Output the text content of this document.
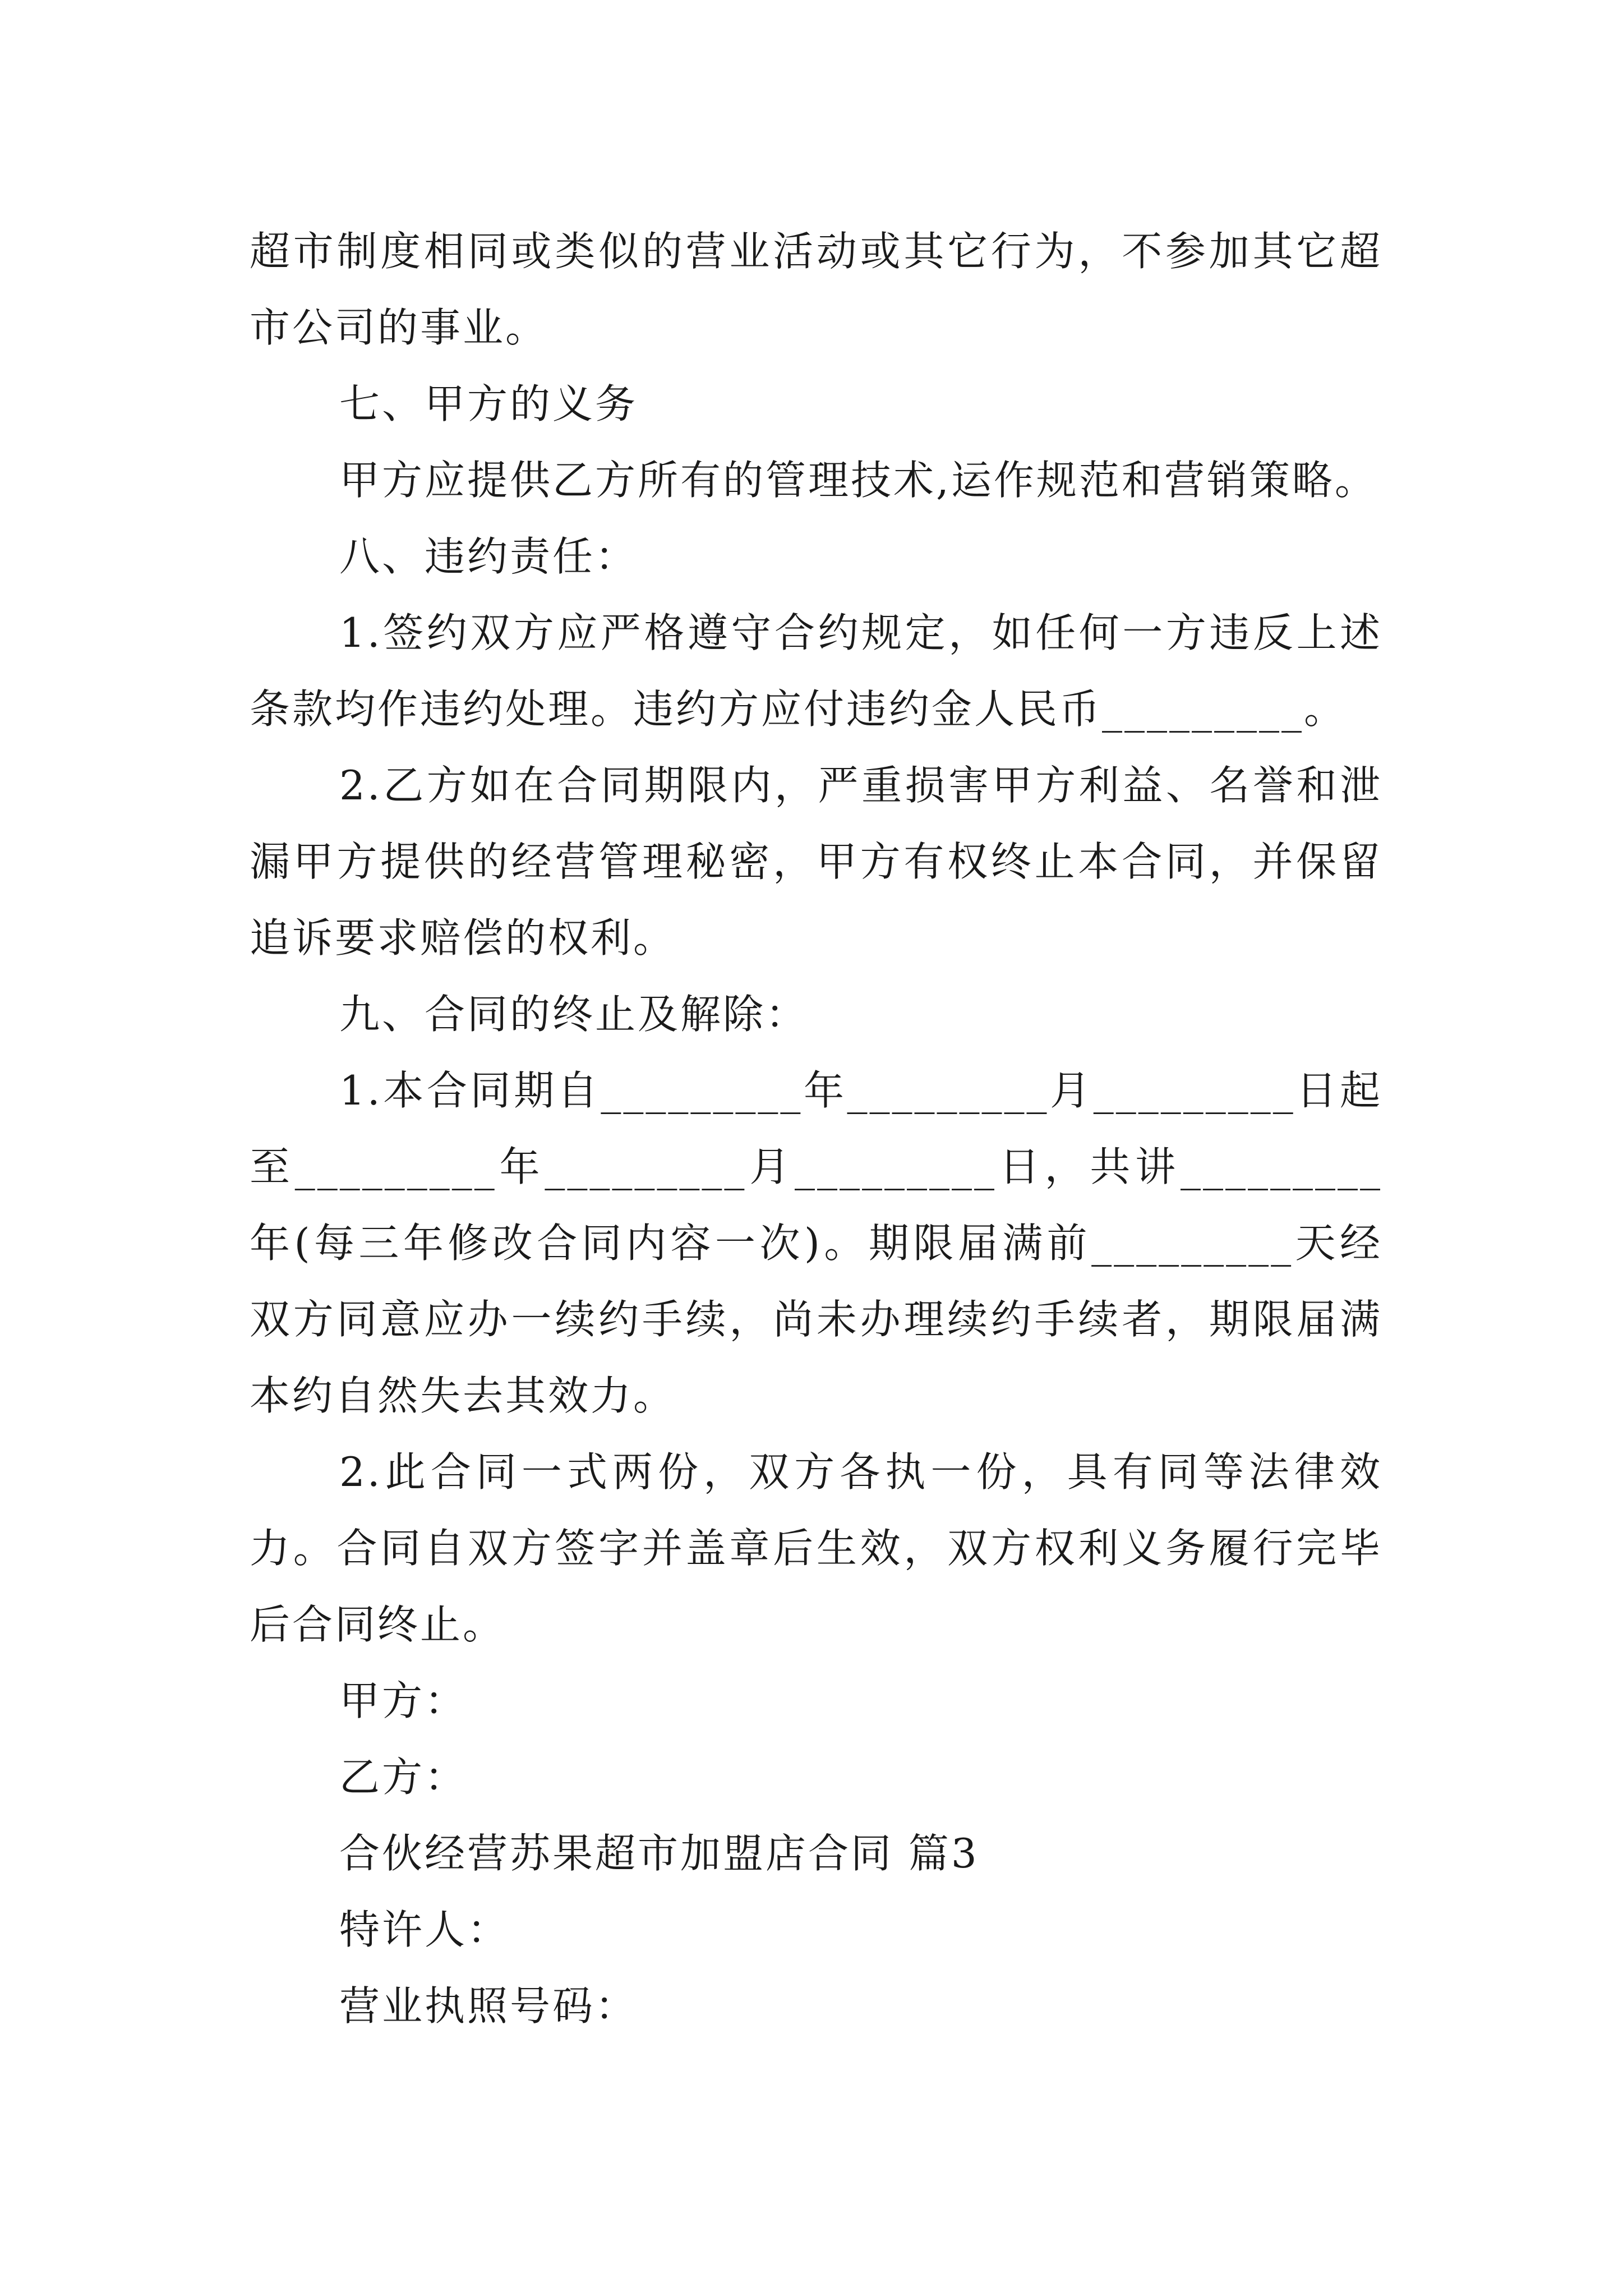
超市制度相同或类似的营业活动或其它行为，不参加其它超市公司的事业。

七、甲方的义务

甲方应提供乙方所有的管理技术,运作规范和营销策略。

八、违约责任：

1.签约双方应严格遵守合约规定，如任何一方违反上述条款均作违约处理。违约方应付违约金人民币_________。

2.乙方如在合同期限内，严重损害甲方利益、名誉和泄漏甲方提供的经营管理秘密，甲方有权终止本合同，并保留追诉要求赔偿的权利。

九、合同的终止及解除：

1.本合同期自_________年_________月_________日起至_________年_________月_________日，共讲_________年(每三年修改合同内容一次)。期限届满前_________天经双方同意应办一续约手续，尚未办理续约手续者，期限届满本约自然失去其效力。

2.此合同一式两份，双方各执一份，具有同等法律效力。合同自双方签字并盖章后生效，双方权利义务履行完毕后合同终止。

甲方：

乙方：

合伙经营苏果超市加盟店合同 篇3

特许人：

营业执照号码：
